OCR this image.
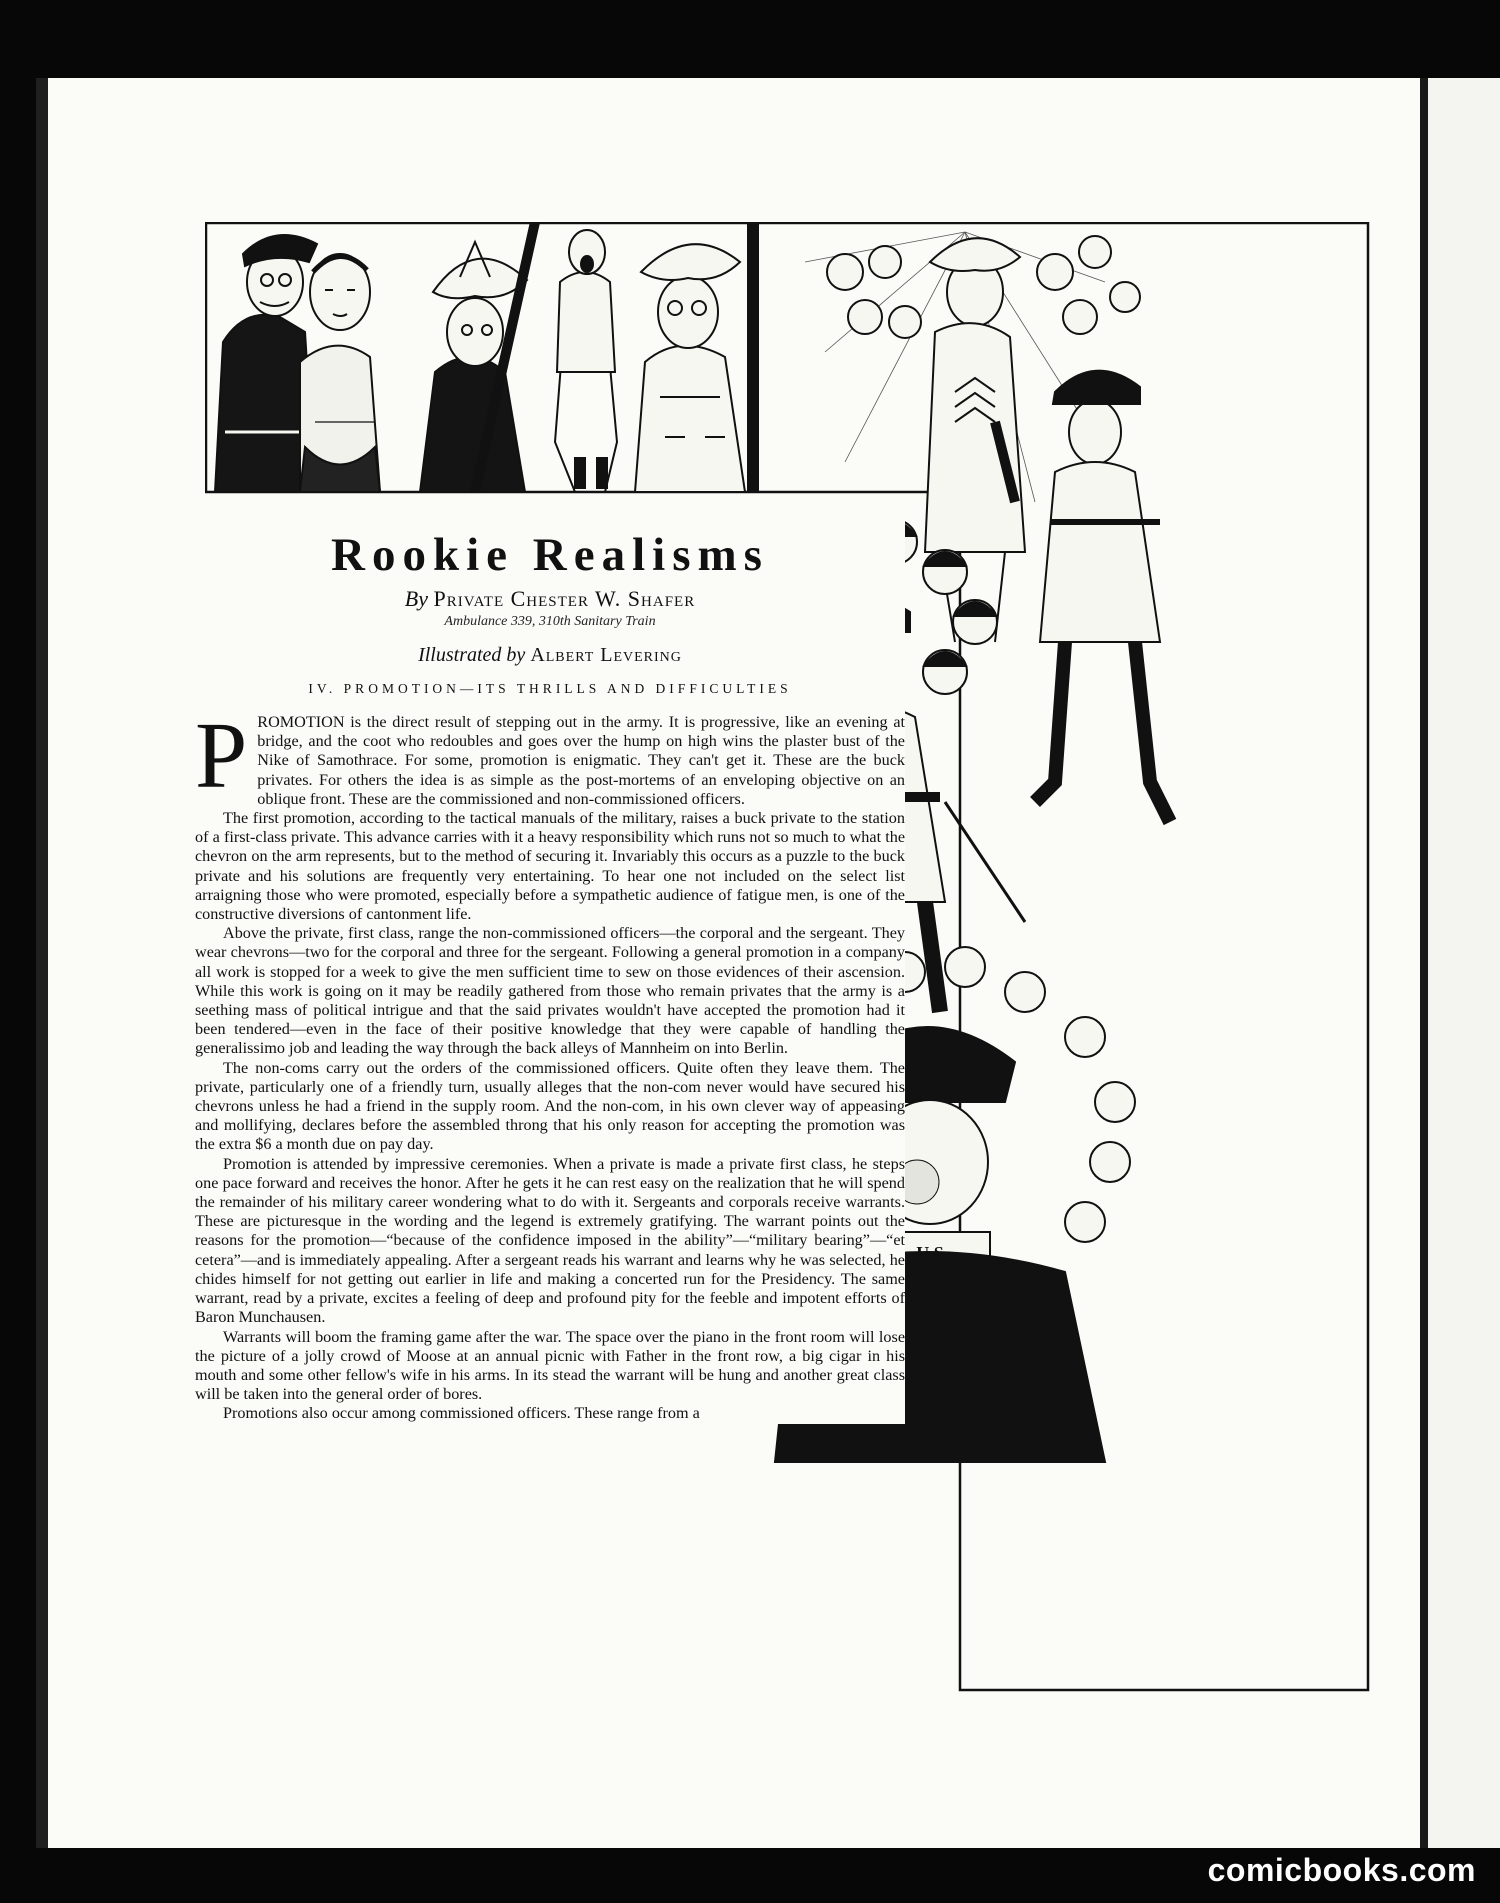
U S
Rookie Realisms
By Private Chester W. Shafer
Ambulance 339, 310th Sanitary Train
Illustrated by Albert Levering
IV. PROMOTION—ITS THRILLS AND DIFFICULTIES

PROMOTION is the direct result of stepping out in the army. It is progressive, like an evening at bridge, and the coot who redoubles and goes over the hump on high wins the plaster bust of the Nike of Samothrace. For some, promotion is enigmatic. They can't get it. These are the buck privates. For others the idea is as simple as the post-mortems of an enveloping objective on an oblique front. These are the commissioned and non-commissioned officers.

The first promotion, according to the tactical manuals of the military, raises a buck private to the station of a first-class private. This advance carries with it a heavy responsibility which runs not so much to what the chevron on the arm represents, but to the method of securing it. Invariably this occurs as a puzzle to the buck private and his solutions are frequently very entertaining. To hear one not included on the select list arraigning those who were promoted, especially before a sympathetic audience of fatigue men, is one of the constructive diversions of cantonment life.

Above the private, first class, range the non-commissioned officers—the corporal and the sergeant. They wear chevrons—two for the corporal and three for the sergeant. Following a general promotion in a company all work is stopped for a week to give the men sufficient time to sew on those evidences of their ascension. While this work is going on it may be readily gathered from those who remain privates that the army is a seething mass of political intrigue and that the said privates wouldn't have accepted the promotion had it been tendered—even in the face of their positive knowledge that they were capable of handling the generalissimo job and leading the way through the back alleys of Mannheim on into Berlin.

The non-coms carry out the orders of the commissioned officers. Quite often they leave them. The private, particularly one of a friendly turn, usually alleges that the non-com never would have secured his chevrons unless he had a friend in the supply room. And the non-com, in his own clever way of appeasing and mollifying, declares before the assembled throng that his only reason for accepting the promotion was the extra $6 a month due on pay day.

Promotion is attended by impressive ceremonies. When a private is made a private first class, he steps one pace forward and receives the honor. After he gets it he can rest easy on the realization that he will spend the remainder of his military career wondering what to do with it. Sergeants and corporals receive warrants. These are picturesque in the wording and the legend is extremely gratifying. The warrant points out the reasons for the promotion—“because of the confidence imposed in the ability”—“military bearing”—“et cetera”—and is immediately appealing. After a sergeant reads his warrant and learns why he was selected, he chides himself for not getting out earlier in life and making a concerted run for the Presidency. The same warrant, read by a private, excites a feeling of deep and profound pity for the feeble and impotent efforts of Baron Munchausen.

Warrants will boom the framing game after the war. The space over the piano in the front room will lose the picture of a jolly crowd of Moose at an annual picnic with Father in the front row, a big cigar in his mouth and some other fellow's wife in his arms. In its stead the warrant will be hung and another great class will be taken into the general order of bores.

Promotions also occur among commissioned officers. These range from a

comicbooks.com
